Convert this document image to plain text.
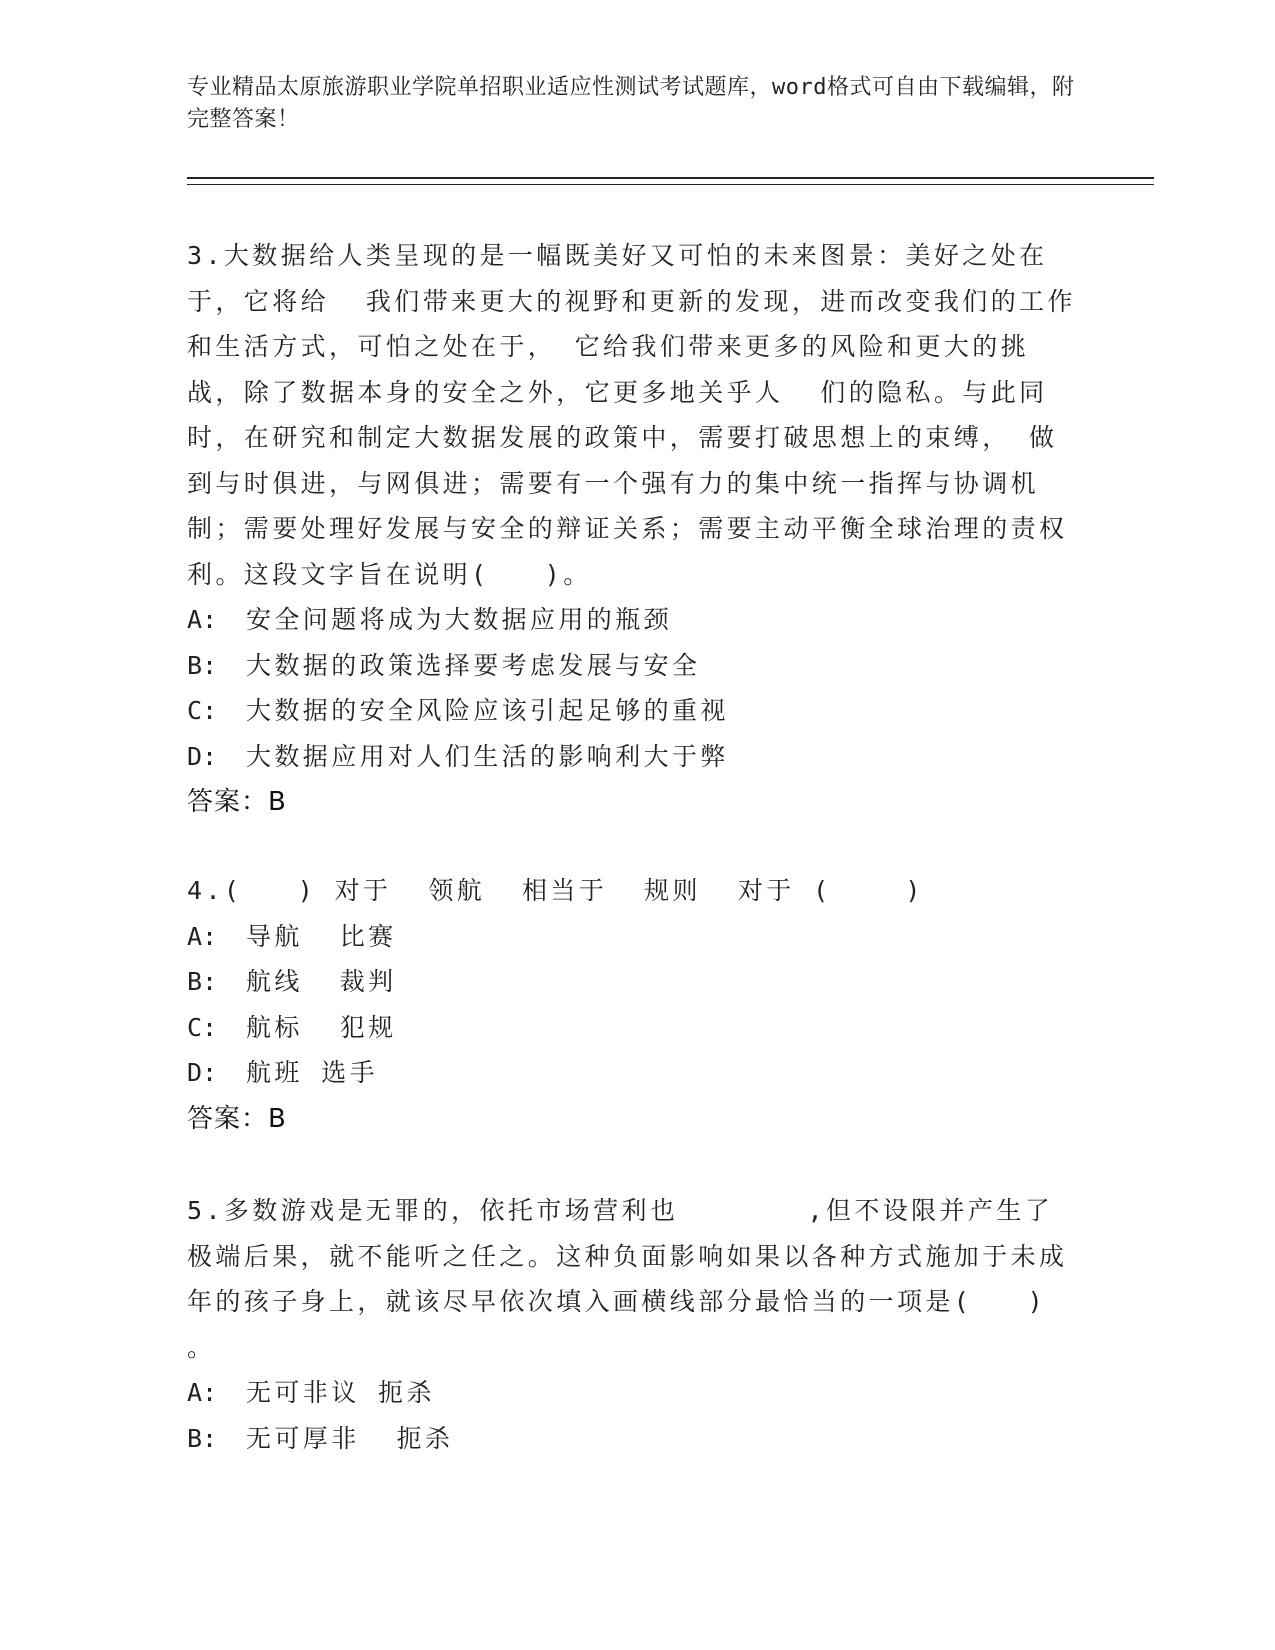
专业精品太原旅游职业学院单招职业适应性测试考试题库，word格式可自由下载编辑，附完整答案！
3.大数据给人类呈现的是一幅既美好又可怕的未来图景：美好之处在于，它将给  我们带来更大的视野和更新的发现，进而改变我们的工作和生活方式，可怕之处在于， 它给我们带来更多的风险和更大的挑战，除了数据本身的安全之外，它更多地关乎人  们的隐私。与此同时，在研究和制定大数据发展的政策中，需要打破思想上的束缚， 做到与时俱进，与网俱进；需要有一个强有力的集中统一指挥与协调机制；需要处理好发展与安全的辩证关系；需要主动平衡全球治理的责权利。这段文字旨在说明(   )。
A:	安全问题将成为大数据应用的瓶颈
B:	大数据的政策选择要考虑发展与安全
C:	大数据的安全风险应该引起足够的重视
D:	大数据应用对人们生活的影响利大于弊
答案：B
4.(   ) 对于  领航  相当于  规则  对于 (    )
A:	导航  比赛
B:	航线  裁判
C:	航标  犯规
D:	航班 选手
答案：B
5.多数游戏是无罪的，依托市场营利也       ,但不设限并产生了极端后果，就不能听之任之。这种负面影响如果以各种方式施加于未成年的孩子身上，就该尽早依次填入画横线部分最恰当的一项是(   )
。
A:	无可非议 扼杀
B:	无可厚非  扼杀
